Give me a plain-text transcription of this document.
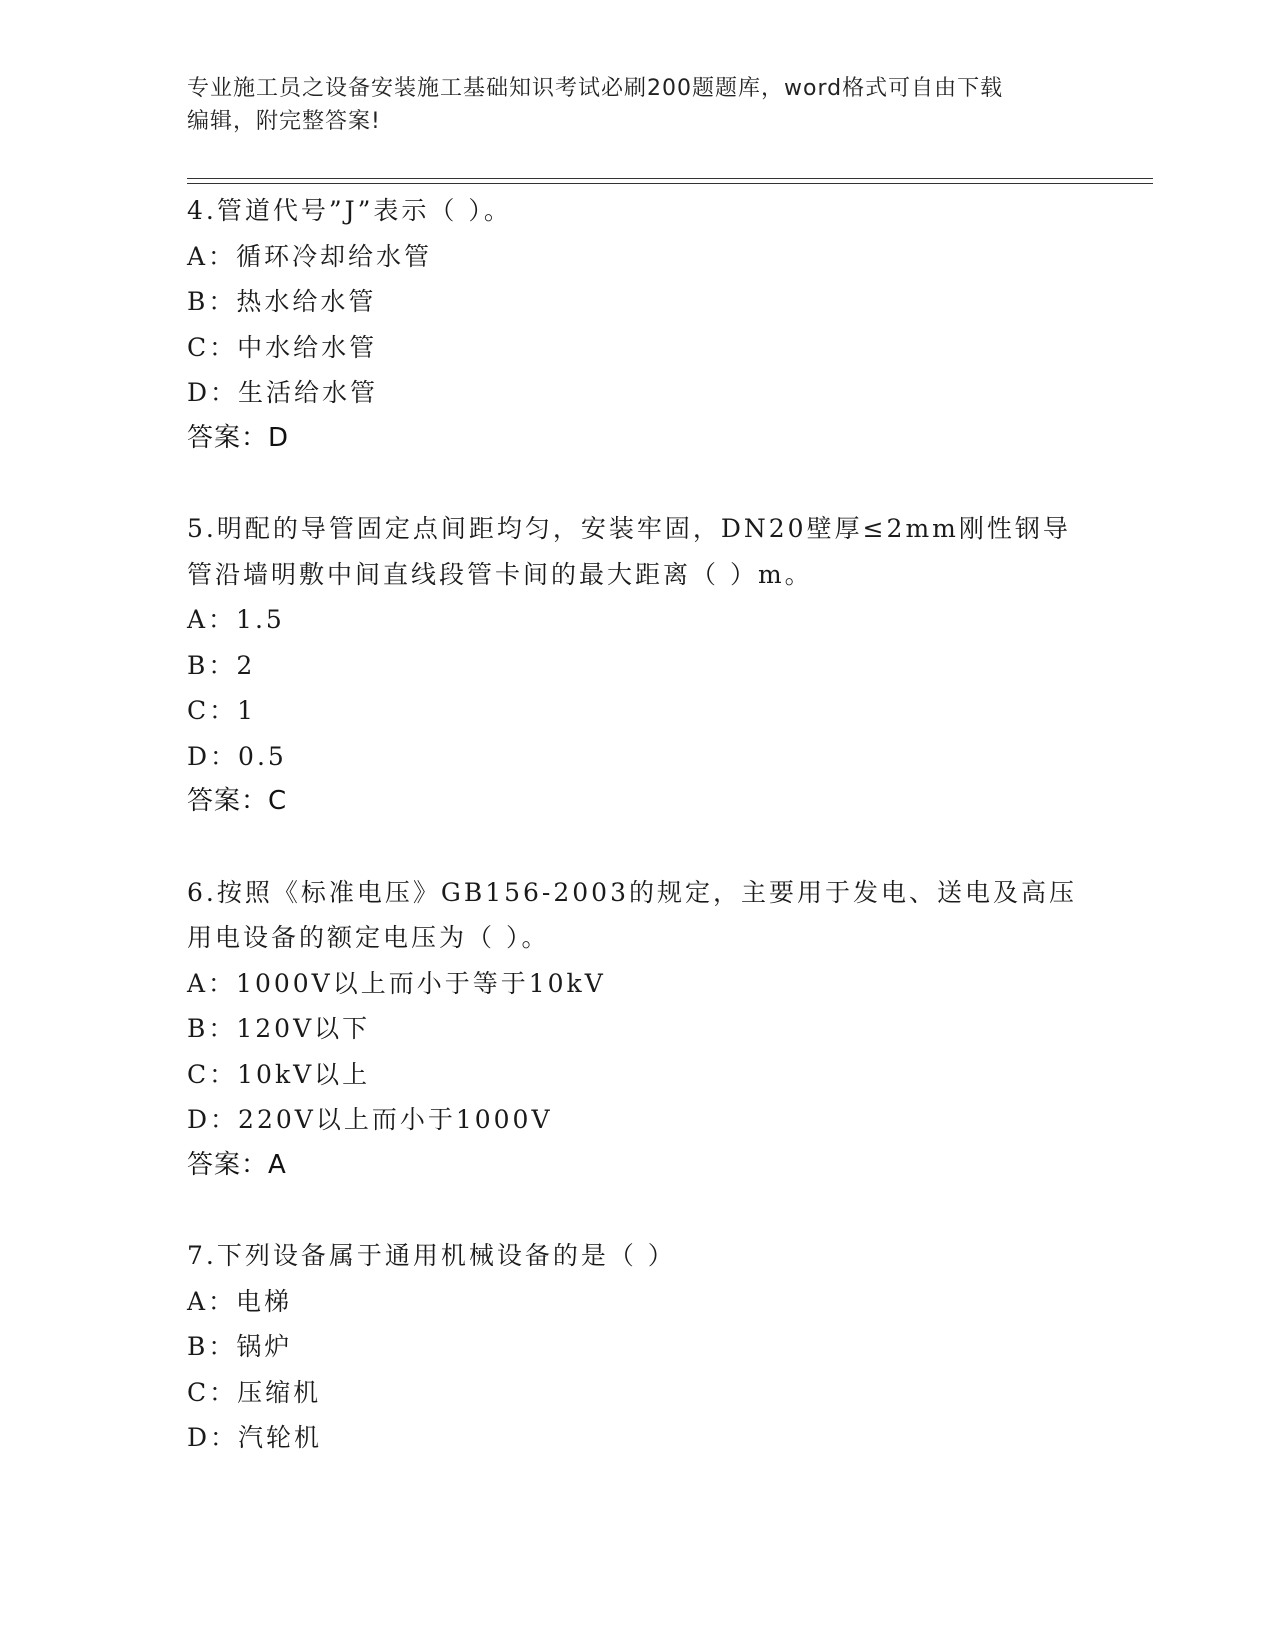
专业施工员之设备安装施工基础知识考试必刷200题题库，word格式可自由下载
编辑，附完整答案!
4.管道代号”J”表示（ ）。
A：循环冷却给水管
B：热水给水管
C：中水给水管
D：生活给水管
答案：D
5.明配的导管固定点间距均匀，安装牢固，DN20壁厚≤2mm刚性钢导
管沿墙明敷中间直线段管卡间的最大距离（ ）m。
A：1.5
B：2
C：1
D：0.5
答案：C
6.按照《标准电压》GB156-2003的规定，主要用于发电、送电及高压
用电设备的额定电压为（ ）。
A：1000V以上而小于等于10kV
B：120V以下
C：10kV以上
D：220V以上而小于1000V
答案：A
7.下列设备属于通用机械设备的是（ ）
A：电梯
B：锅炉
C：压缩机
D：汽轮机
